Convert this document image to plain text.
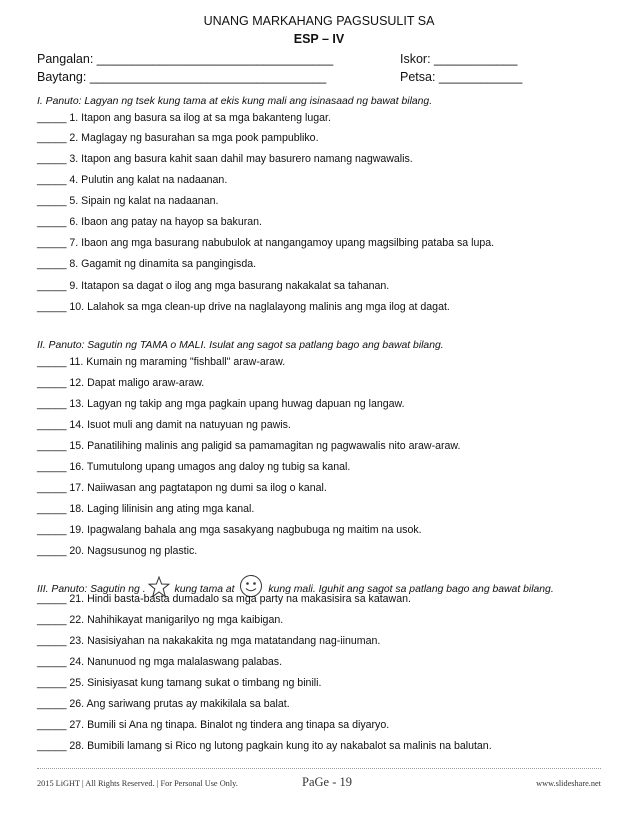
UNANG MARKAHANG PAGSUSULIT SA
ESP – IV
Pangalan: __________________________________	Iskor: ____________
Baytang: __________________________________	Petsa: ____________
I. Panuto: Lagyan ng tsek kung tama at ekis kung mali ang isinasaad ng bawat bilang.
_____ 1. Itapon ang basura sa ilog at sa mga bakanteng lugar.
_____ 2. Maglagay ng basurahan sa mga pook pampubliko.
_____ 3. Itapon ang basura kahit saan dahil may basurero namang nagwawalis.
_____ 4. Pulutin ang kalat na nadaanan.
_____ 5. Sipain ng kalat na nadaanan.
_____ 6. Ibaon ang patay na hayop sa bakuran.
_____ 7. Ibaon ang mga basurang nabubulok at nangangamoy upang magsilbing pataba sa lupa.
_____ 8. Gagamit ng dinamita sa pangingisda.
_____ 9. Itatapon sa dagat o ilog ang mga basurang nakakalat sa tahanan.
_____ 10. Lalahok sa mga clean-up drive na naglalayong malinis ang mga ilog at dagat.
II. Panuto: Sagutin ng TAMA o MALI. Isulat ang sagot sa patlang bago ang bawat bilang.
_____ 11. Kumain ng maraming "fishball" araw-araw.
_____ 12. Dapat maligo araw-araw.
_____ 13. Lagyan ng takip ang mga pagkain upang huwag dapuan ng langaw.
_____ 14. Isuot muli ang damit na natuyuan ng pawis.
_____ 15. Panatilihing malinis ang paligid sa pamamagitan ng pagwawalis nito araw-araw.
_____ 16. Tumutulong upang umagos ang daloy ng tubig sa kanal.
_____ 17. Naiiwasan ang pagtatapon ng dumi sa ilog o kanal.
_____ 18. Laging lilinisin ang ating mga kanal.
_____ 19. Ipagwalang bahala ang mga sasakyang nagbubuga ng maitim na usok.
_____ 20. Nagsusunog ng plastic.
III. Panuto: Sagutin ng .	kung tama at	kung mali. Iguhit ang sagot sa patlang bago ang bawat bilang.
_____ 21. Hindi basta-basta dumadalo sa mga party na makasisira sa katawan.
_____ 22. Nahihikayat manigarilyo ng mga kaibigan.
_____ 23. Nasisiyahan na nakakakita ng mga matatandang nag-iinuman.
_____ 24. Nanunuod ng mga malalaswang palabas.
_____ 25. Sinisiyasat kung tamang sukat o timbang ng binili.
_____ 26. Ang sariwang prutas ay makikilala sa balat.
_____ 27. Bumili si Ana ng tinapa. Binalot ng tindera ang tinapa sa diyaryo.
_____ 28. Bumibili lamang si Rico ng lutong pagkain kung ito ay nakabalot sa malinis na balutan.
2015 LiGHT | All Rights Reserved. | For Personal Use Only.	PaGe - 19	www.slideshare.net
